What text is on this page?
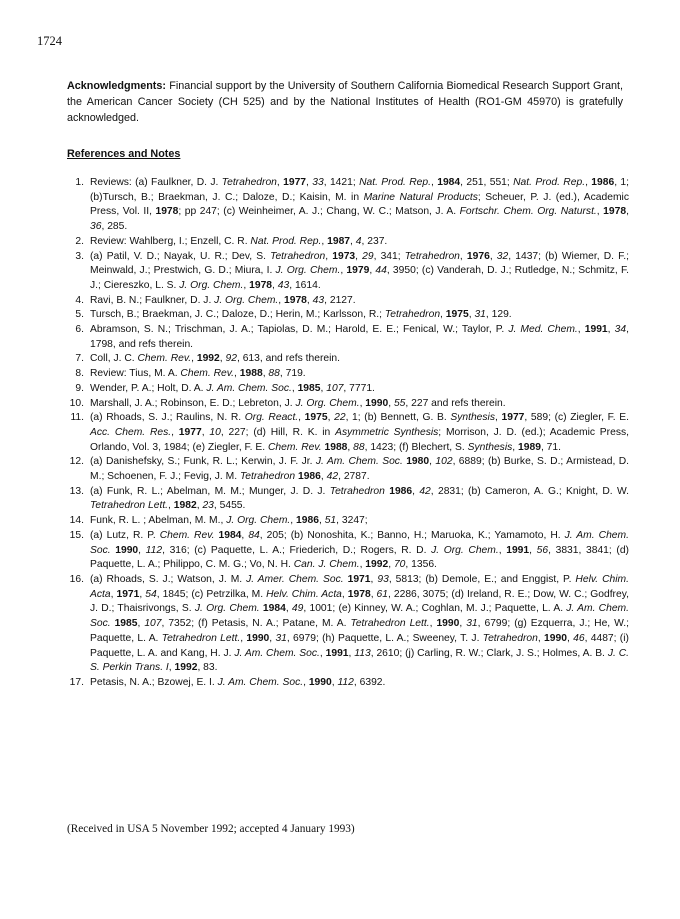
1724
Acknowledgments: Financial support by the University of Southern California Biomedical Research Support Grant, the American Cancer Society (CH 525) and by the National Institutes of Health (RO1-GM 45970) is gratefully acknowledged.
References and Notes
1. Reviews: (a) Faulkner, D. J. Tetrahedron, 1977, 33, 1421; Nat. Prod. Rep., 1984, 251, 551; Nat. Prod. Rep., 1986, 1; (b)Tursch, B.; Braekman, J. C.; Daloze, D.; Kaisin, M. in Marine Natural Products; Scheuer, P. J. (ed.), Academic Press, Vol. II, 1978; pp 247; (c) Weinheimer, A. J.; Chang, W. C.; Matson, J. A. Fortschr. Chem. Org. Naturst., 1978, 36, 285.
2. Review: Wahlberg, I.; Enzell, C. R. Nat. Prod. Rep., 1987, 4, 237.
3. (a) Patil, V. D.; Nayak, U. R.; Dev, S. Tetrahedron, 1973, 29, 341; Tetrahedron, 1976, 32, 1437; (b) Wiemer, D. F.; Meinwald, J.; Prestwich, G. D.; Miura, I. J. Org. Chem., 1979, 44, 3950; (c) Vanderah, D. J.; Rutledge, N.; Schmitz, F. J.; Ciereszko, L. S. J. Org. Chem., 1978, 43, 1614.
4. Ravi, B. N.; Faulkner, D. J. J. Org. Chem., 1978, 43, 2127.
5. Tursch, B.; Braekman, J. C.; Daloze, D.; Herin, M.; Karlsson, R.; Tetrahedron, 1975, 31, 129.
6. Abramson, S. N.; Trischman, J. A.; Tapiolas, D. M.; Harold, E. E.; Fenical, W.; Taylor, P. J. Med. Chem., 1991, 34, 1798, and refs therein.
7. Coll, J. C. Chem. Rev., 1992, 92, 613, and refs therein.
8. Review: Tius, M. A. Chem. Rev., 1988, 88, 719.
9. Wender, P. A.; Holt, D. A. J. Am. Chem. Soc., 1985, 107, 7771.
10. Marshall, J. A.; Robinson, E. D.; Lebreton, J. J. Org. Chem., 1990, 55, 227 and refs therein.
11. (a) Rhoads, S. J.; Raulins, N. R. Org. React., 1975, 22, 1; (b) Bennett, G. B. Synthesis, 1977, 589; (c) Ziegler, F. E. Acc. Chem. Res., 1977, 10, 227; (d) Hill, R. K. in Asymmetric Synthesis; Morrison, J. D. (ed.); Academic Press, Orlando, Vol. 3, 1984; (e) Ziegler, F. E. Chem. Rev. 1988, 88, 1423; (f) Blechert, S. Synthesis, 1989, 71.
12. (a) Danishefsky, S.; Funk, R. L.; Kerwin, J. F. Jr. J. Am. Chem. Soc. 1980, 102, 6889; (b) Burke, S. D.; Armistead, D. M.; Schoenen, F. J.; Fevig, J. M. Tetrahedron 1986, 42, 2787.
13. (a) Funk, R. L.; Abelman, M. M.; Munger, J. D. J. Tetrahedron 1986, 42, 2831; (b) Cameron, A. G.; Knight, D. W. Tetrahedron Lett., 1982, 23, 5455.
14. Funk, R. L. ; Abelman, M. M., J. Org. Chem., 1986, 51, 3247;
15. (a) Lutz, R. P. Chem. Rev. 1984, 84, 205; (b) Nonoshita, K.; Banno, H.; Maruoka, K.; Yamamoto, H. J. Am. Chem. Soc. 1990, 112, 316; (c) Paquette, L. A.; Friederich, D.; Rogers, R. D. J. Org. Chem., 1991, 56, 3831, 3841; (d) Paquette, L. A.; Philippo, C. M. G.; Vo, N. H. Can. J. Chem., 1992, 70, 1356.
16. (a) Rhoads, S. J.; Watson, J. M. J. Amer. Chem. Soc. 1971, 93, 5813; (b) Demole, E.; and Enggist, P. Helv. Chim. Acta, 1971, 54, 1845; (c) Petrzilka, M. Helv. Chim. Acta, 1978, 61, 2286, 3075; (d) Ireland, R. E.; Dow, W. C.; Godfrey, J. D.; Thaisrivongs, S. J. Org. Chem. 1984, 49, 1001; (e) Kinney, W. A.; Coghlan, M. J.; Paquette, L. A. J. Am. Chem. Soc. 1985, 107, 7352; (f) Petasis, N. A.; Patane, M. A. Tetrahedron Lett., 1990, 31, 6799; (g) Ezquerra, J.; He, W.; Paquette, L. A. Tetrahedron Lett., 1990, 31, 6979; (h) Paquette, L. A.; Sweeney, T. J. Tetrahedron, 1990, 46, 4487; (i) Paquette, L. A. and Kang, H. J. J. Am. Chem. Soc., 1991, 113, 2610; (j) Carling, R. W.; Clark, J. S.; Holmes, A. B. J. C. S. Perkin Trans. I, 1992, 83.
17. Petasis, N. A.; Bzowej, E. I. J. Am. Chem. Soc., 1990, 112, 6392.
(Received in USA 5 November 1992; accepted 4 January 1993)
